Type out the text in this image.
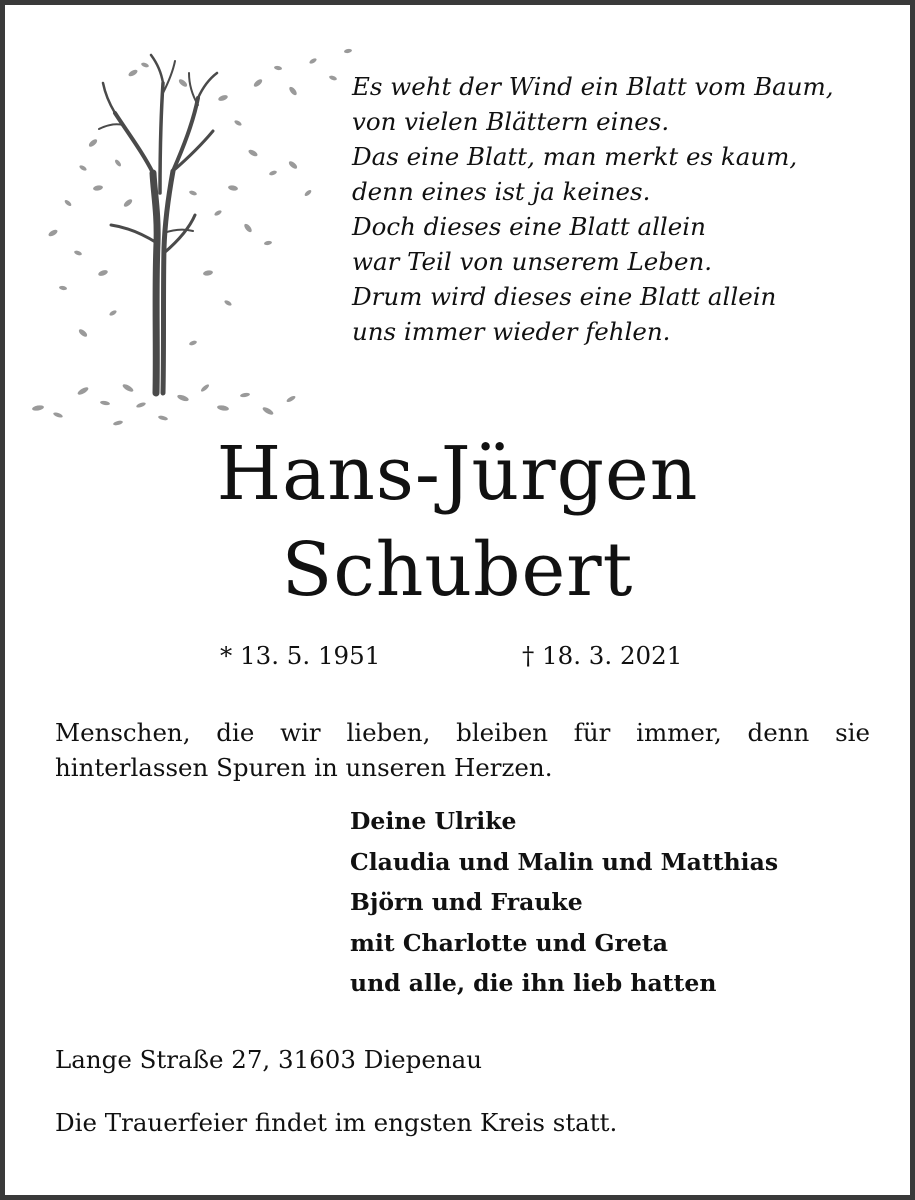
Es weht der Wind ein Blatt vom Baum,
von vielen Blättern eines.
Das eine Blatt, man merkt es kaum,
denn eines ist ja keines.
Doch dieses eine Blatt allein
war Teil von unserem Leben.
Drum wird dieses eine Blatt allein
uns immer wieder fehlen.
Hans-Jürgen
Schubert
* 13. 5. 1951	† 18. 3. 2021
Menschen, die wir lieben, bleiben für immer, denn sie hinterlassen Spuren in unseren Herzen.
Deine Ulrike
Claudia und Malin und Matthias
Björn und Frauke
mit Charlotte und Greta
und alle, die ihn lieb hatten
Lange Straße 27, 31603 Diepenau
Die Trauerfeier findet im engsten Kreis statt.
